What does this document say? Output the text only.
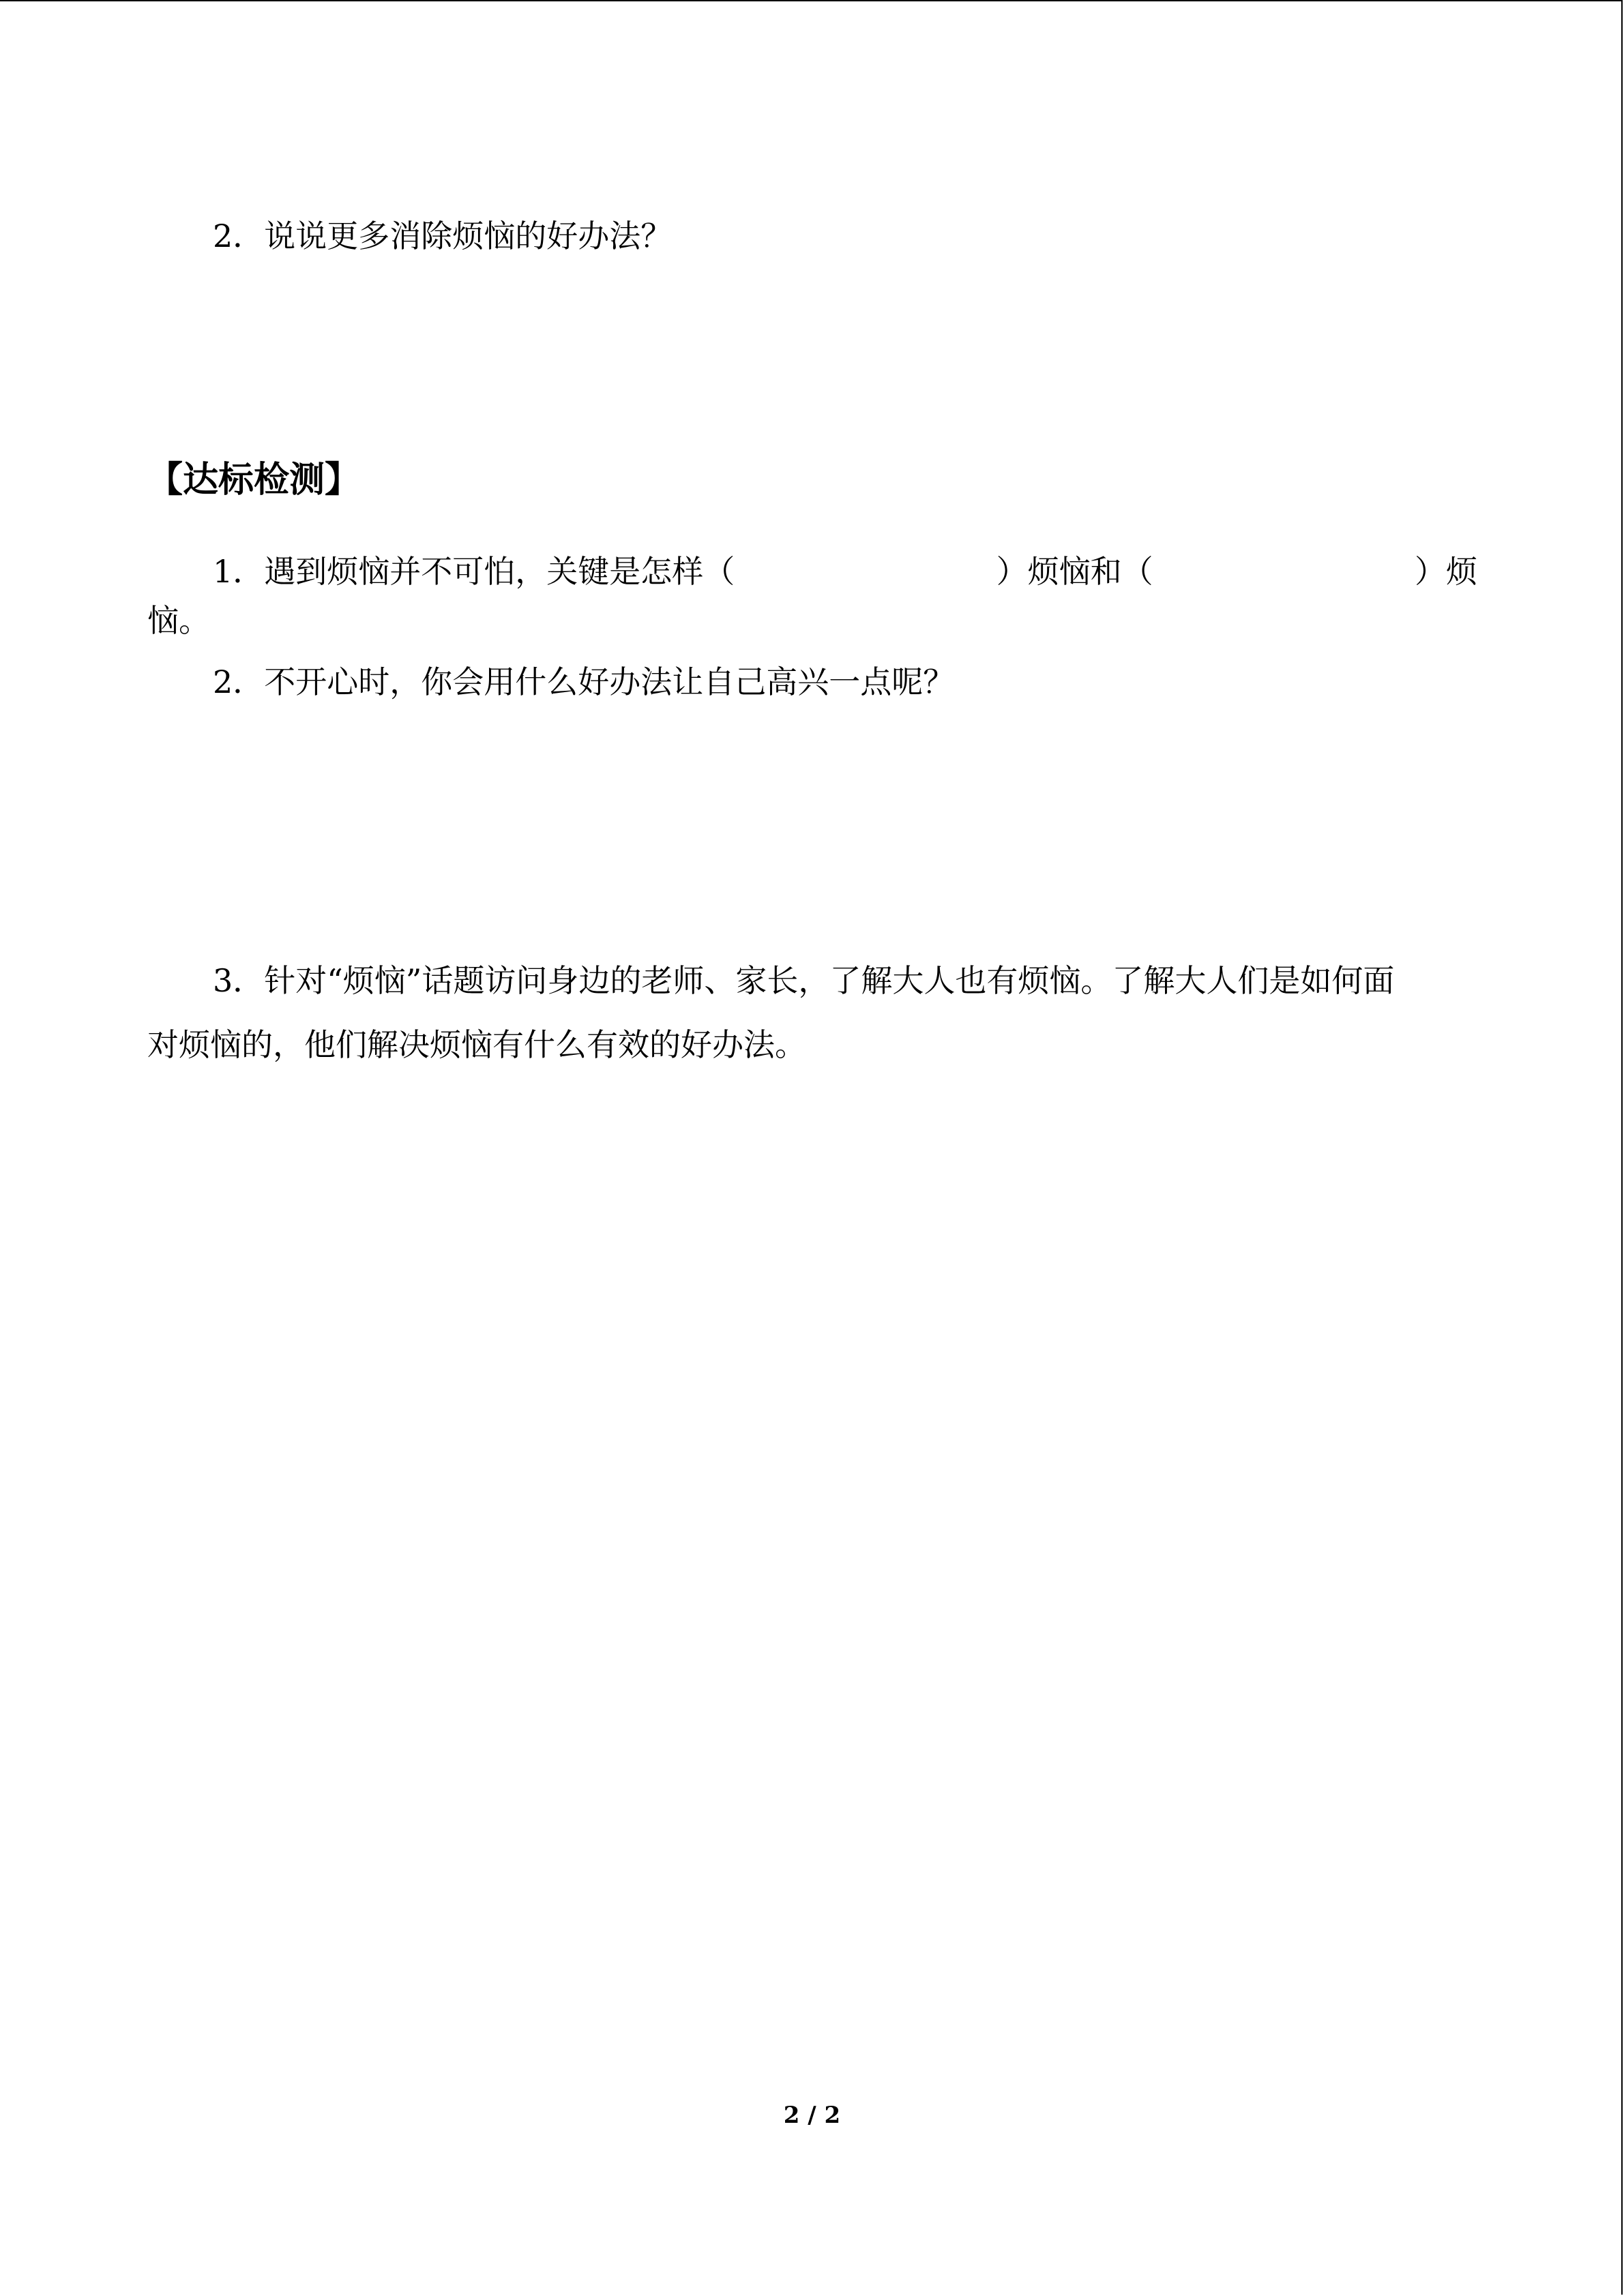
2．说说更多消除烦恼的好办法？
【达标检测】
1．遇到烦恼并不可怕，关键是怎样（	）烦恼和（	）烦
恼。
2．不开心时，你会用什么好办法让自己高兴一点呢？
3．针对“烦恼”话题访问身边的老师、家长，了解大人也有烦恼。了解大人们是如何面
对烦恼的，他们解决烦恼有什么有效的好办法。
2 / 2
